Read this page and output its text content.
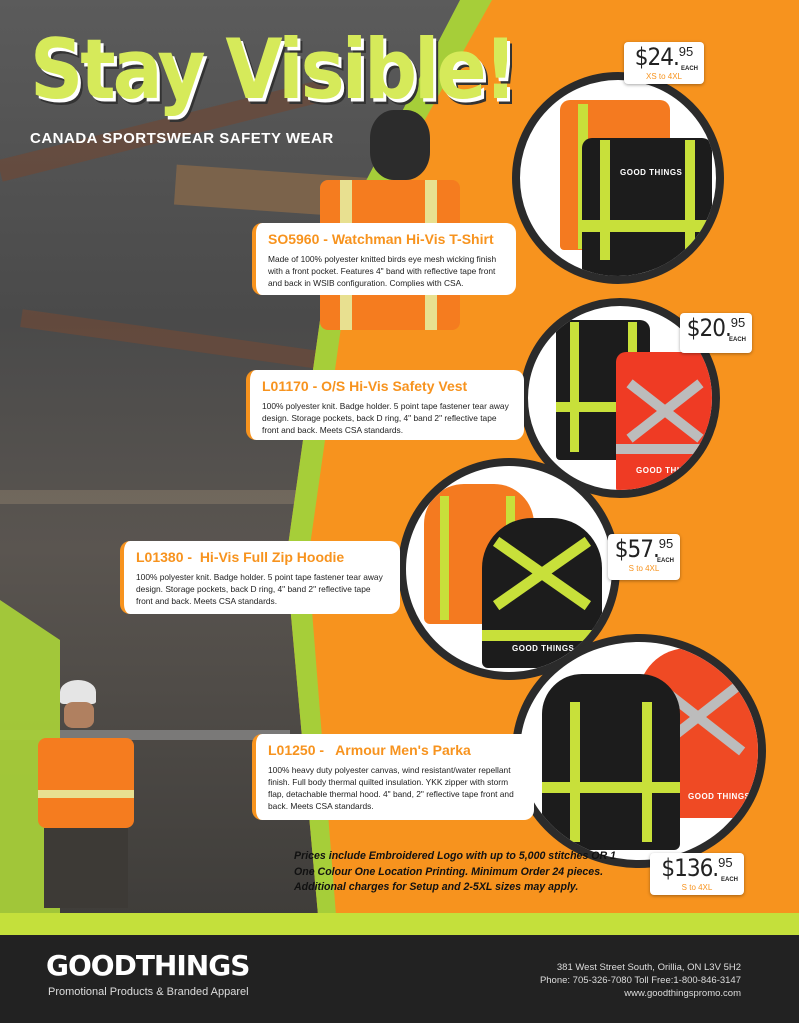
Stay Visible!
CANADA SPORTSWEAR SAFETY WEAR
GOOD THINGS
$24.95
EACH
XS to 4XL
SO5960 - Watchman Hi-Vis T-Shirt

Made of 100% polyester knitted birds eye mesh wicking finish with a front pocket. Features 4" band with reflective tape front and back in WSIB configuration. Complies with CSA.

GOOD THINGS
$20.95
EACH
L01170 - O/S Hi-Vis Safety Vest

100% polyester knit. Badge holder. 5 point tape fastener tear away design. Storage pockets, back D ring, 4" band 2" reflective tape front and back. Meets CSA standards.

GOOD THINGS
$57.95
EACH
S to 4XL
L01380 -  Hi-Vis Full Zip Hoodie

100% polyester knit. Badge holder. 5 point tape fastener tear away design. Storage pockets, back D ring, 4" band 2" reflective tape front and back. Meets CSA standards.

GOOD THINGS
$136.95
EACH
S to 4XL
L01250 -   Armour Men's Parka

100% heavy duty polyester canvas, wind resistant/water repellant finish. Full body thermal quilted insulation. YKK zipper with storm flap, detachable thermal hood. 4" band, 2" reflective tape front and back. Meets CSA standards.

Prices include Embroidered Logo with up to 5,000 stitches OR 1 One Colour One Location Printing. Minimum Order 24 pieces. Additional charges for Setup and 2-5XL sizes may apply.
GOODTHINGS
Promotional Products & Branded Apparel
381 West Street South, Orillia, ON L3V 5H2
Phone: 705-326-7080 Toll Free:1-800-846-3147
www.goodthingspromo.com
